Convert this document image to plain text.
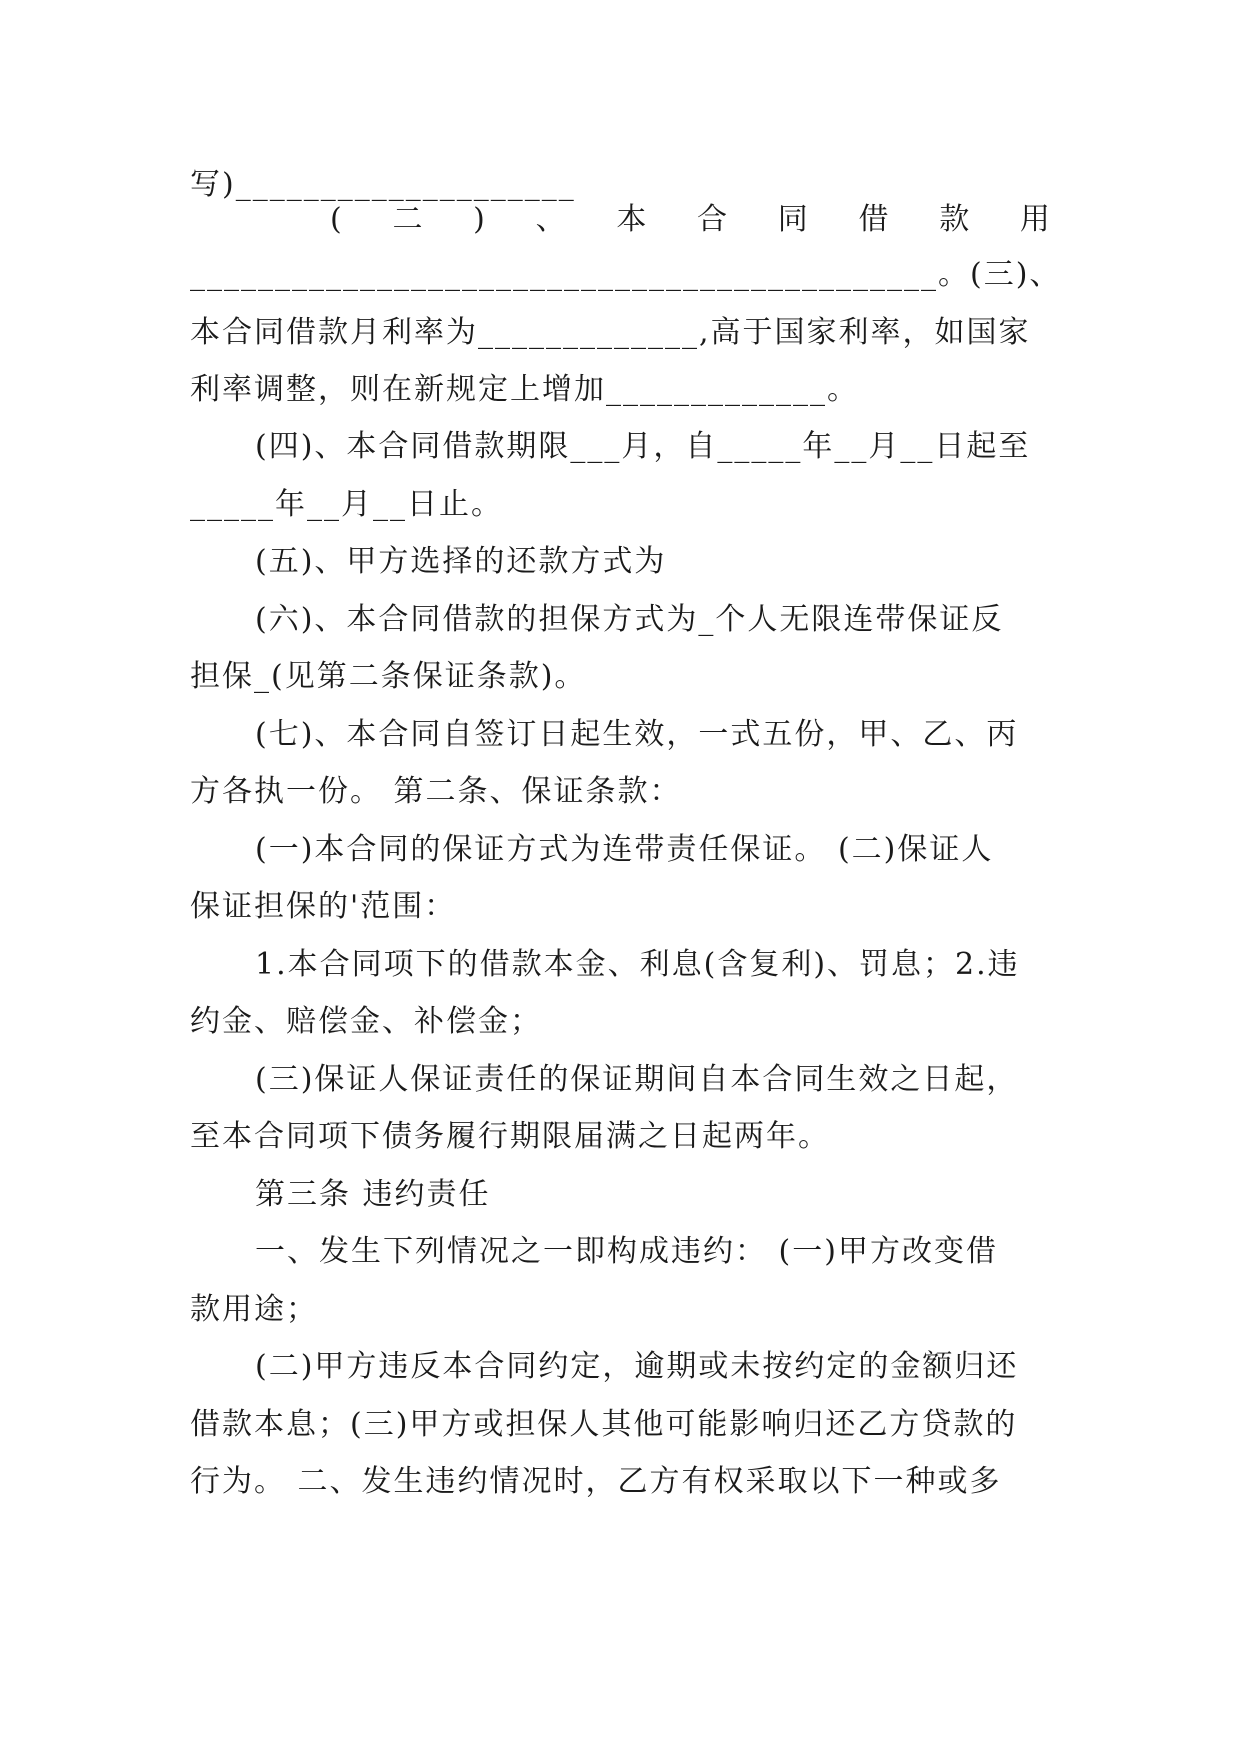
写)____________________
( 二 ) 、 本 合 同 借 款 用
____________________________________________。(三)、
本合同借款月利率为_____________,高于国家利率，如国家
利率调整，则在新规定上增加_____________。
(四)、本合同借款期限___月，自_____年__月__日起至
_____年__月__日止。
(五)、甲方选择的还款方式为
(六)、本合同借款的担保方式为_个人无限连带保证反
担保_(见第二条保证条款)。
(七)、本合同自签订日起生效，一式五份，甲、乙、丙
方各执一份。 第二条、保证条款：
(一)本合同的保证方式为连带责任保证。 (二)保证人
保证担保的'范围：
1.本合同项下的借款本金、利息(含复利)、罚息；2.违
约金、赔偿金、补偿金；
(三)保证人保证责任的保证期间自本合同生效之日起，
至本合同项下债务履行期限届满之日起两年。
第三条 违约责任
一、发生下列情况之一即构成违约： (一)甲方改变借
款用途；
(二)甲方违反本合同约定，逾期或未按约定的金额归还
借款本息；(三)甲方或担保人其他可能影响归还乙方贷款的
行为。 二、发生违约情况时，乙方有权采取以下一种或多
